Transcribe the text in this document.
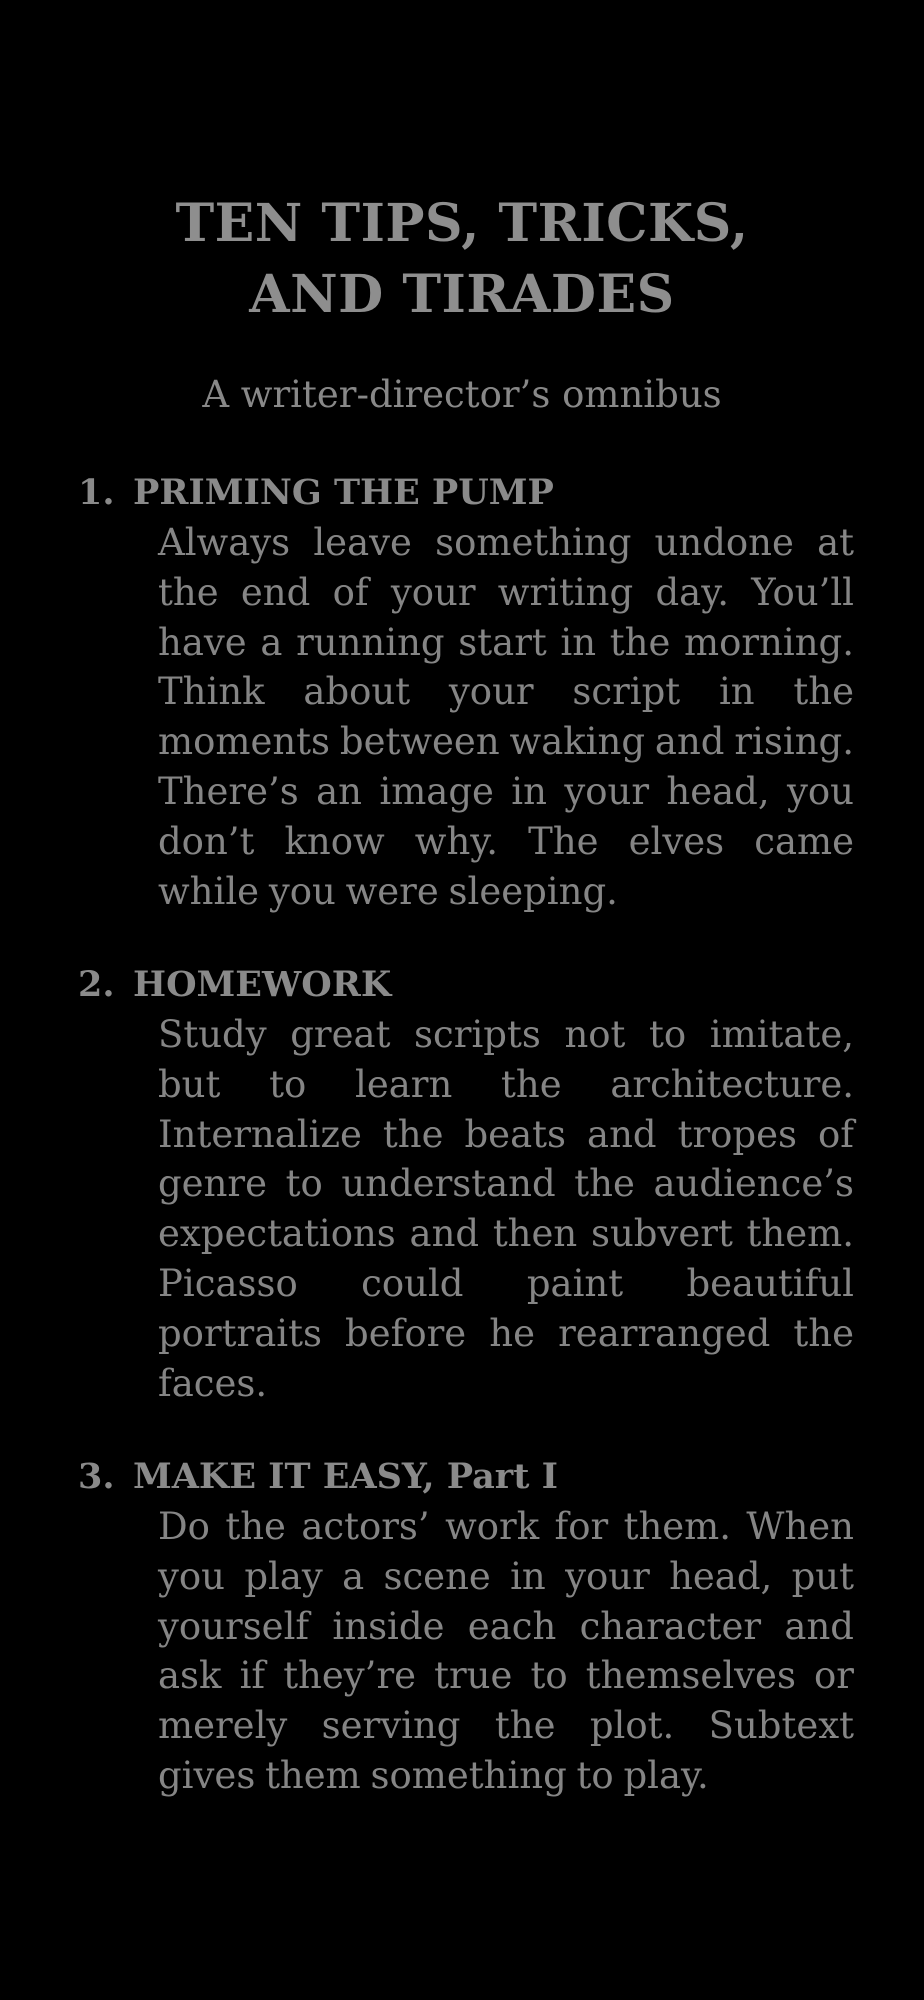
TEN TIPS, TRICKS, AND TIRADES

A writer-director’s omnibus

1. PRIMING THE PUMP

Always leave something undone at the end of your writing day. You’ll have a running start in the morning. Think about your script in the moments between waking and rising. There’s an image in your head, you don’t know why. The elves came while you were sleeping.

2. HOMEWORK

Study great scripts not to imitate, but to learn the architecture. Internalize the beats and tropes of genre to understand the audience’s expectations and then subvert them. Picasso could paint beautiful portraits before he rearranged the faces.

3. MAKE IT EASY, Part I

Do the actors’ work for them. When you play a scene in your head, put yourself inside each character and ask if they’re true to themselves or merely serving the plot. Subtext gives them something to play.
